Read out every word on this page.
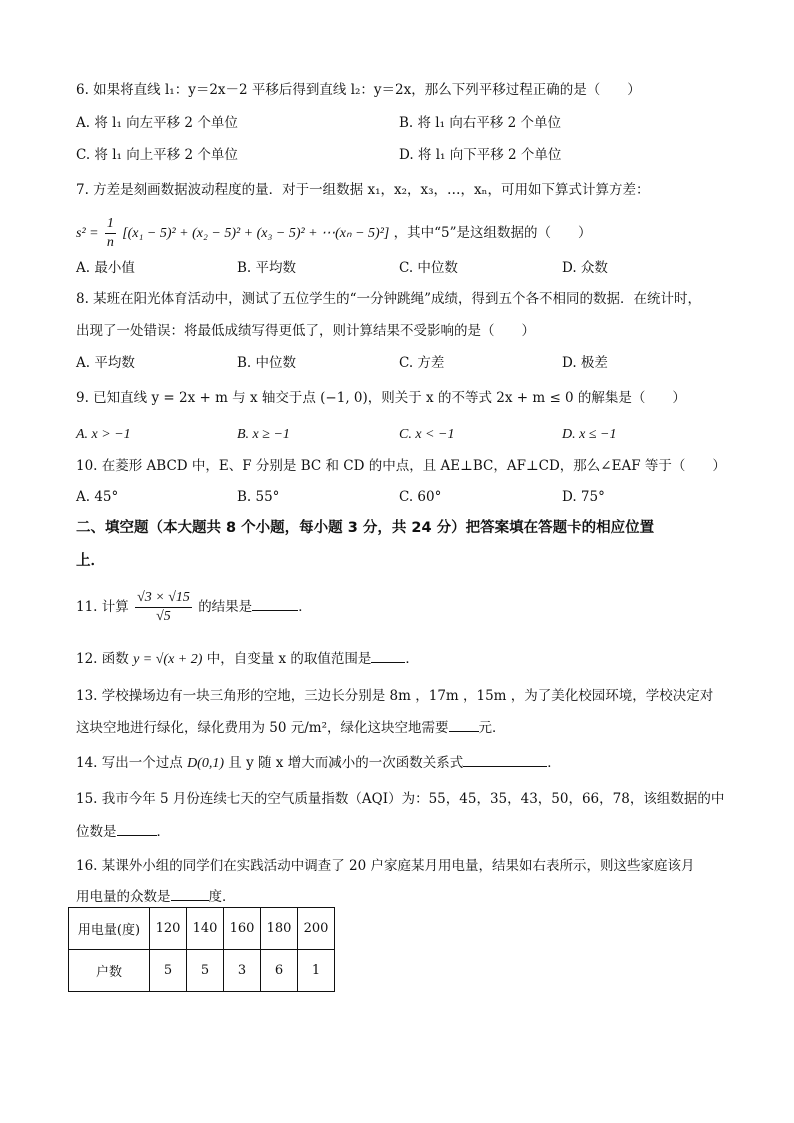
6. 如果将直线 l₁：y＝2x－2 平移后得到直线 l₂：y＝2x，那么下列平移过程正确的是（　　）
A. 将 l₁ 向左平移 2 个单位	B. 将 l₁ 向右平移 2 个单位
C. 将 l₁ 向上平移 2 个单位	D. 将 l₁ 向下平移 2 个单位
7. 方差是刻画数据波动程度的量．对于一组数据 x₁，x₂，x₃，…，xₙ，可用如下算式计算方差：
$s^2 = \frac{1}{n} [(x_1 - 5)^2 + (x_2 - 5)^2 + (x_3 - 5)^2$ + ⋯(xₙ − 5)²] ，其中“5”是这组数据的（　　）
A. 最小值	B. 平均数	C. 中位数	D. 众数
8. 某班在阳光体育活动中，测试了五位学生的“一分钟跳绳”成绩，得到五个各不相同的数据．在统计时，
出现了一处错误：将最低成绩写得更低了，则计算结果不受影响的是（　　）
A. 平均数	B. 中位数	C. 方差	D. 极差
9. 已知直线 y = 2x + m 与 x 轴交于点 (−1, 0)，则关于 x 的不等式 2x + m ≤ 0 的解集是（　　）
A. x > −1	B. x ≥ −1	C. x < −1	D. x ≤ −1
10. 在菱形 ABCD 中，E、F 分别是 BC 和 CD 的中点，且 AE⊥BC，AF⊥CD，那么∠EAF 等于（　　）
A. 45°	B. 55°	C. 60°	D. 75°
二、填空题（本大题共 8 个小题，每小题 3 分，共 24 分）把答案填在答题卡的相应位置
上．
11. 计算 $\frac{√3 \times √15}{√5}$ 的结果是	．
12. 函数 y = √(x + 2) 中，自变量 x 的取值范围是	．
13. 学校操场边有一块三角形的空地，三边长分别是 8m ，17m ，15m ，为了美化校园环境，学校决定对
这块空地进行绿化，绿化费用为 50 元/m²，绿化这块空地需要 元．
14. 写出一个过点 D(0,1) 且 y 随 x 增大而减小的一次函数关系式	．
15. 我市今年 5 月份连续七天的空气质量指数（AQI）为：55，45，35，43，50，66，78，该组数据的中
位数是	．
16. 某课外小组的同学们在实践活动中调查了 20 户家庭某月用电量，结果如右表所示，则这些家庭该月
用电量的众数是	度．
用电量(度)	120	140	160	180	200
户数	5	5	3	6	1
